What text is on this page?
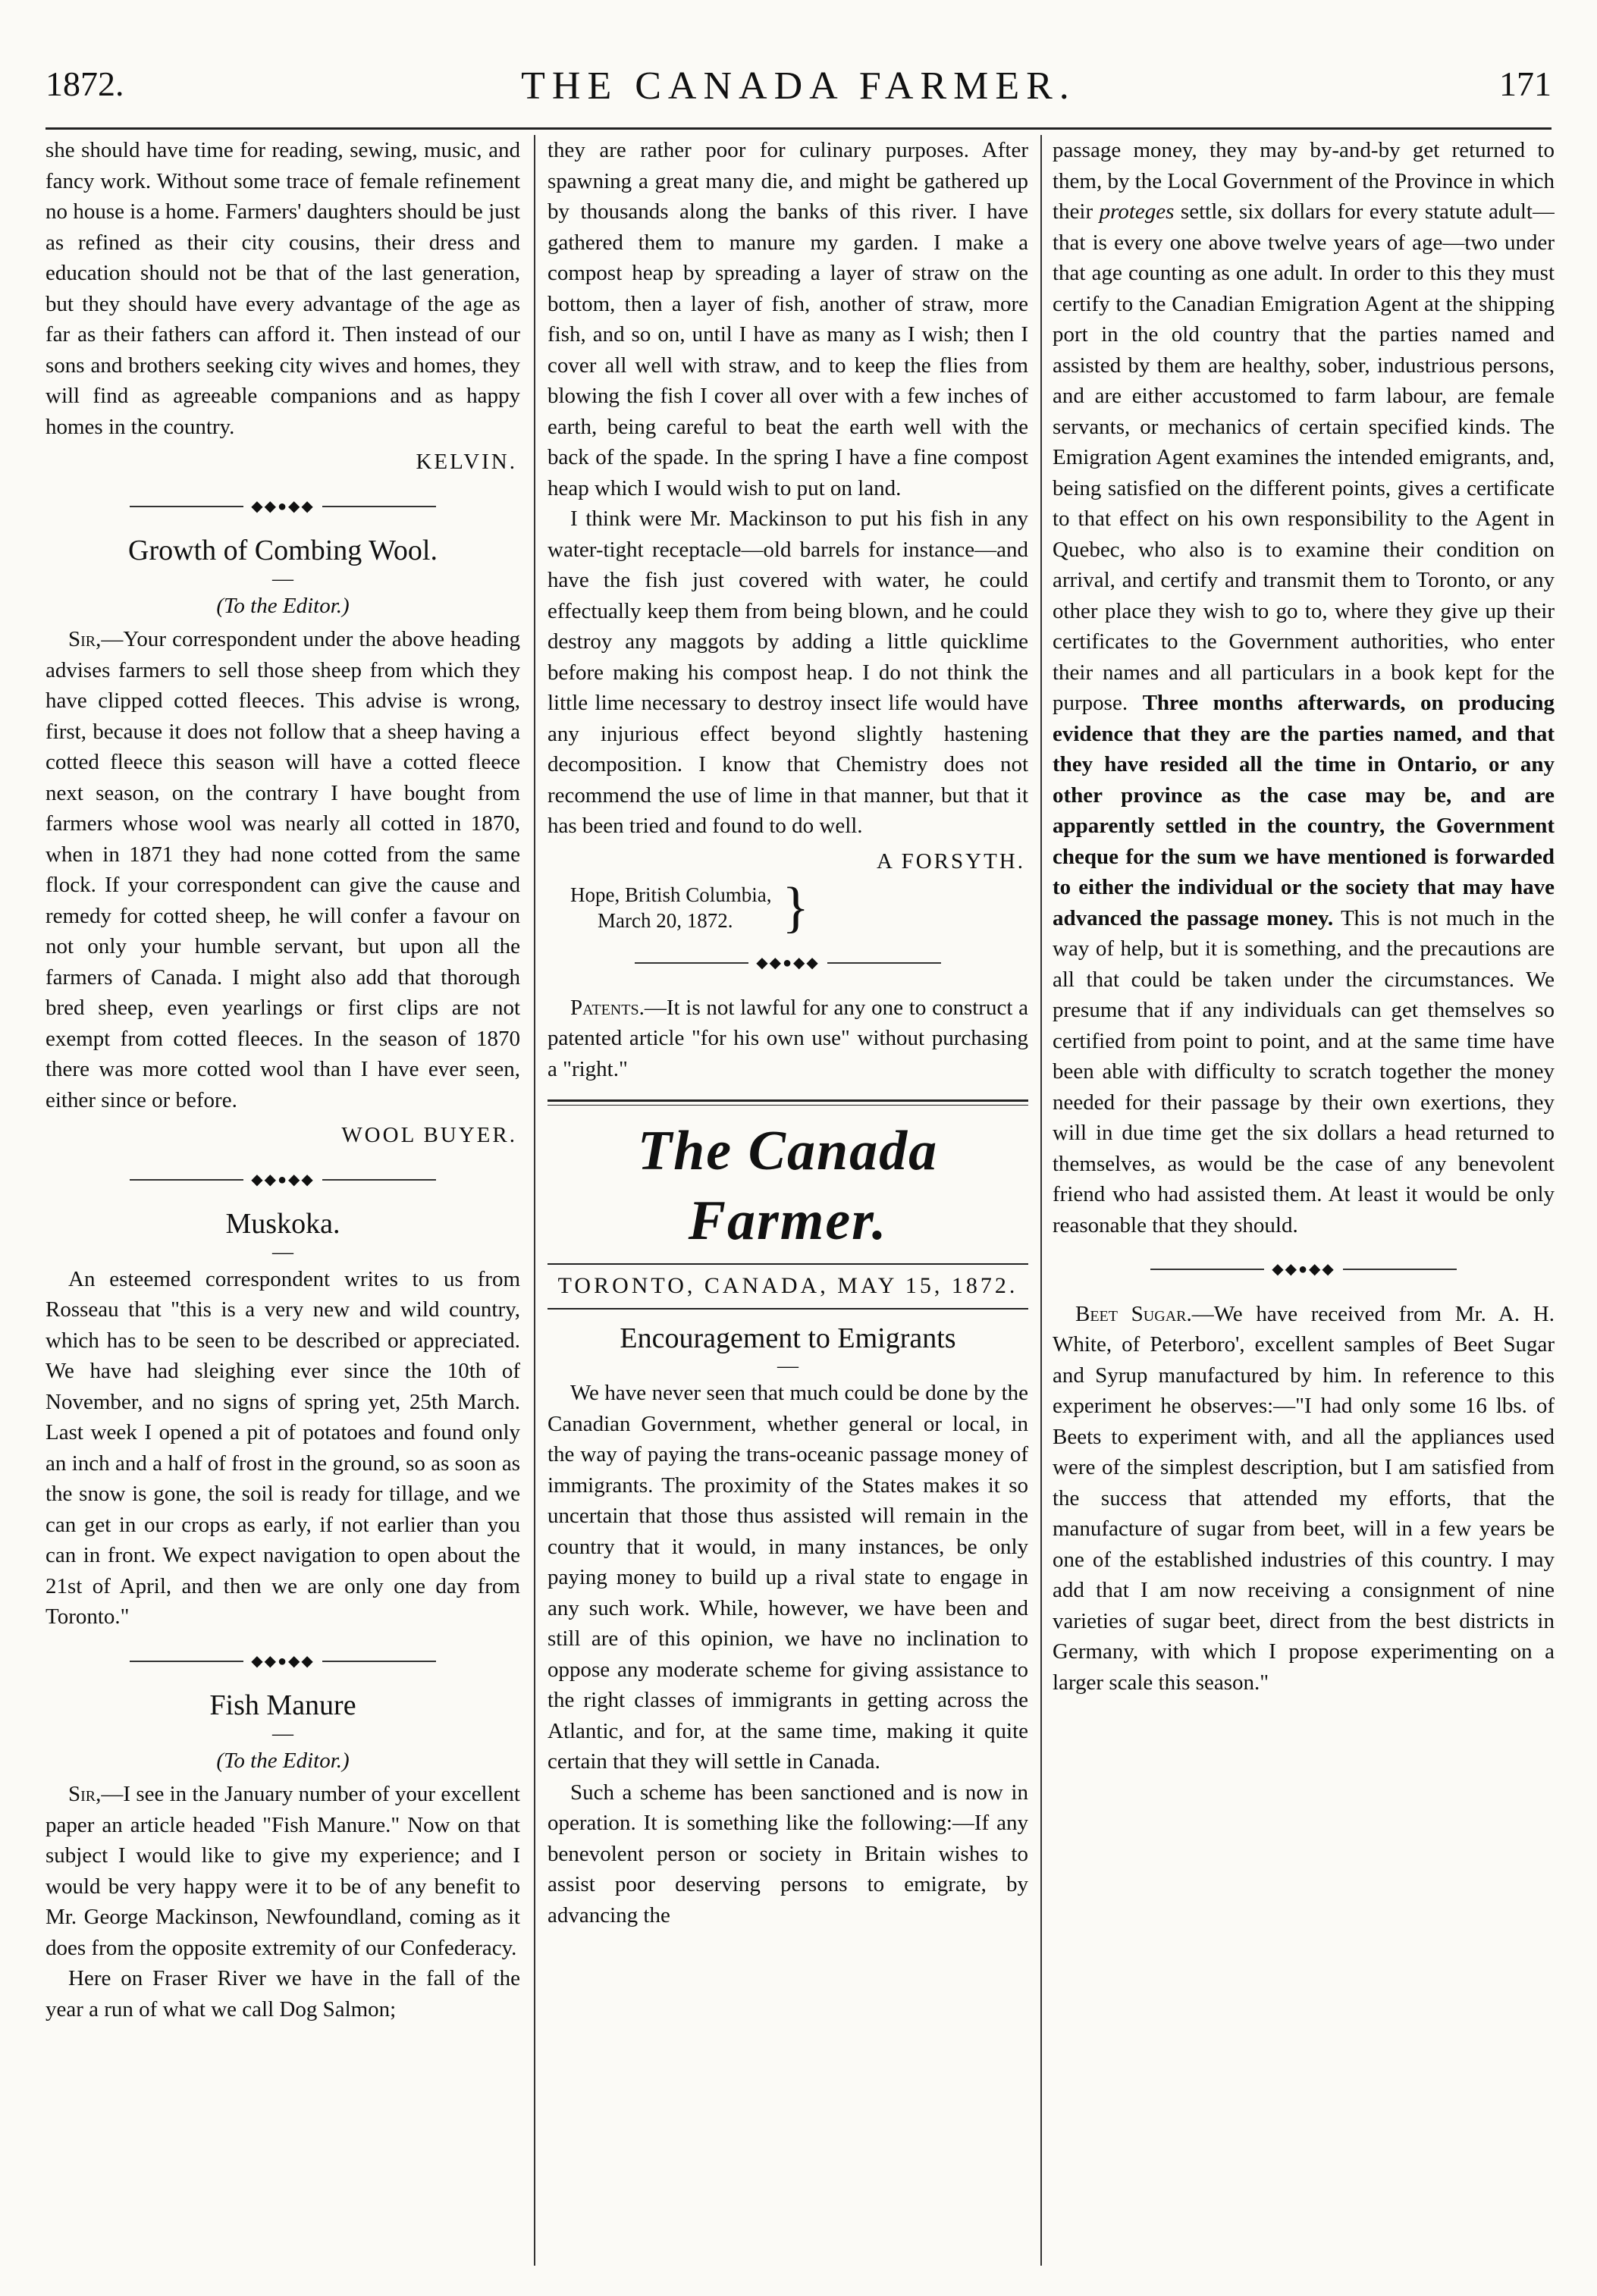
1872.	THE CANADA FARMER.	171

she should have time for reading, sewing, music, and fancy work. Without some trace of female refinement no house is a home. Farmers' daughters should be just as refined as their city cousins, their dress and education should not be that of the last generation, but they should have every advantage of the age as far as their fathers can afford it. Then instead of our sons and brothers seeking city wives and homes, they will find as agreeable companions and as happy homes in the country.

KELVIN.
◆◆●◆◆
Growth of Combing Wool.
—
(To the Editor.)

Sir,—Your correspondent under the above heading advises farmers to sell those sheep from which they have clipped cotted fleeces. This advise is wrong, first, because it does not follow that a sheep having a cotted fleece this season will have a cotted fleece next season, on the contrary I have bought from farmers whose wool was nearly all cotted in 1870, when in 1871 they had none cotted from the same flock. If your correspondent can give the cause and remedy for cotted sheep, he will confer a favour on not only your humble servant, but upon all the farmers of Canada. I might also add that thorough bred sheep, even yearlings or first clips are not exempt from cotted fleeces. In the season of 1870 there was more cotted wool than I have ever seen, either since or before.

WOOL BUYER.
◆◆●◆◆
Muskoka.
—

An esteemed correspondent writes to us from Rosseau that "this is a very new and wild country, which has to be seen to be described or appreciated. We have had sleighing ever since the 10th of November, and no signs of spring yet, 25th March. Last week I opened a pit of potatoes and found only an inch and a half of frost in the ground, so as soon as the snow is gone, the soil is ready for tillage, and we can get in our crops as early, if not earlier than you can in front. We expect navigation to open about the 21st of April, and then we are only one day from Toronto."

◆◆●◆◆
Fish Manure
—
(To the Editor.)

Sir,—I see in the January number of your excellent paper an article headed "Fish Manure." Now on that subject I would like to give my experience; and I would be very happy were it to be of any benefit to Mr. George Mackinson, Newfoundland, coming as it does from the opposite extremity of our Confederacy.

Here on Fraser River we have in the fall of the year a run of what we call Dog Salmon;

they are rather poor for culinary purposes. After spawning a great many die, and might be gathered up by thousands along the banks of this river. I have gathered them to manure my garden. I make a compost heap by spreading a layer of straw on the bottom, then a layer of fish, another of straw, more fish, and so on, until I have as many as I wish; then I cover all well with straw, and to keep the flies from blowing the fish I cover all over with a few inches of earth, being careful to beat the earth well with the back of the spade. In the spring I have a fine compost heap which I would wish to put on land.

I think were Mr. Mackinson to put his fish in any water-tight receptacle—old barrels for instance—and have the fish just covered with water, he could effectually keep them from being blown, and he could destroy any maggots by adding a little quicklime before making his compost heap. I do not think the little lime necessary to destroy insect life would have any injurious effect beyond slightly hastening decomposition. I know that Chemistry does not recommend the use of lime in that manner, but that it has been tried and found to do well.

A FORSYTH.
Hope, British Columbia,
March 20, 1872. }
◆◆●◆◆

Patents.—It is not lawful for any one to construct a patented article "for his own use" without purchasing a "right."

The Canada Farmer.
TORONTO, CANADA, MAY 15, 1872.
Encouragement to Emigrants
—

We have never seen that much could be done by the Canadian Government, whether general or local, in the way of paying the trans-oceanic passage money of immigrants. The proximity of the States makes it so uncertain that those thus assisted will remain in the country that it would, in many instances, be only paying money to build up a rival state to engage in any such work. While, however, we have been and still are of this opinion, we have no inclination to oppose any moderate scheme for giving assistance to the right classes of immigrants in getting across the Atlantic, and for, at the same time, making it quite certain that they will settle in Canada.

Such a scheme has been sanctioned and is now in operation. It is something like the following:—If any benevolent person or society in Britain wishes to assist poor deserving persons to emigrate, by advancing the

passage money, they may by-and-by get returned to them, by the Local Government of the Province in which their proteges settle, six dollars for every statute adult—that is every one above twelve years of age—two under that age counting as one adult. In order to this they must certify to the Canadian Emigration Agent at the shipping port in the old country that the parties named and assisted by them are healthy, sober, industrious persons, and are either accustomed to farm labour, are female servants, or mechanics of certain specified kinds. The Emigration Agent examines the intended emigrants, and, being satisfied on the different points, gives a certificate to that effect on his own responsibility to the Agent in Quebec, who also is to examine their condition on arrival, and certify and transmit them to Toronto, or any other place they wish to go to, where they give up their certificates to the Government authorities, who enter their names and all particulars in a book kept for the purpose. Three months afterwards, on producing evidence that they are the parties named, and that they have resided all the time in Ontario, or any other province as the case may be, and are apparently settled in the country, the Government cheque for the sum we have mentioned is forwarded to either the individual or the society that may have advanced the passage money. This is not much in the way of help, but it is something, and the precautions are all that could be taken under the circumstances. We presume that if any individuals can get themselves so certified from point to point, and at the same time have been able with difficulty to scratch together the money needed for their passage by their own exertions, they will in due time get the six dollars a head returned to themselves, as would be the case of any benevolent friend who had assisted them. At least it would be only reasonable that they should.

◆◆●◆◆

Beet Sugar.—We have received from Mr. A. H. White, of Peterboro', excellent samples of Beet Sugar and Syrup manufactured by him. In reference to this experiment he observes:—"I had only some 16 lbs. of Beets to experiment with, and all the appliances used were of the simplest description, but I am satisfied from the success that attended my efforts, that the manufacture of sugar from beet, will in a few years be one of the established industries of this country. I may add that I am now receiving a consignment of nine varieties of sugar beet, direct from the best districts in Germany, with which I propose experimenting on a larger scale this season."
